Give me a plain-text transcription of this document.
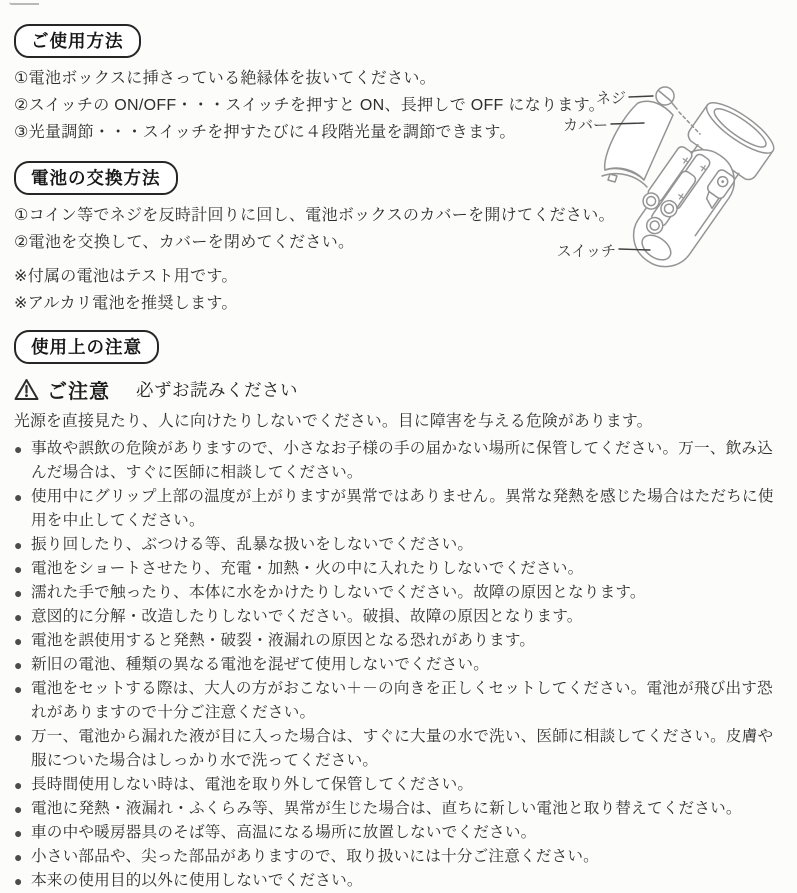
ご使用方法
①電池ボックスに挿さっている絶縁体を抜いてください。
②スイッチの ON/OFF・・・スイッチを押すと ON、長押しで OFF になります。
③光量調節・・・スイッチを押すたびに４段階光量を調節できます。
電池の交換方法
①コイン等でネジを反時計回りに回し、電池ボックスのカバーを開けてください。
②電池を交換して、カバーを閉めてください。
※付属の電池はテスト用です。
※アルカリ電池を推奨します。
使用上の注意
ご注意 必ずお読みください
光源を直接見たり、人に向けたりしないでください。目に障害を与える危険があります。
● 事故や誤飲の危険がありますので、小さなお子様の手の届かない場所に保管してください。万一、飲み込んだ場合は、すぐに医師に相談してください。
● 使用中にグリップ上部の温度が上がりますが異常ではありません。異常な発熱を感じた場合はただちに使用を中止してください。
● 振り回したり、ぶつける等、乱暴な扱いをしないでください。
● 電池をショートさせたり、充電・加熱・火の中に入れたりしないでください。
● 濡れた手で触ったり、本体に水をかけたりしないでください。故障の原因となります。
● 意図的に分解・改造したりしないでください。破損、故障の原因となります。
● 電池を誤使用すると発熱・破裂・液漏れの原因となる恐れがあります。
● 新旧の電池、種類の異なる電池を混ぜて使用しないでください。
● 電池をセットする際は、大人の方がおこない＋－の向きを正しくセットしてください。電池が飛び出す恐れがありますので十分ご注意ください。
● 万一、電池から漏れた液が目に入った場合は、すぐに大量の水で洗い、医師に相談してください。皮膚や服についた場合はしっかり水で洗ってください。
● 長時間使用しない時は、電池を取り外して保管してください。
● 電池に発熱・液漏れ・ふくらみ等、異常が生じた場合は、直ちに新しい電池と取り替えてください。
● 車の中や暖房器具のそば等、高温になる場所に放置しないでください。
● 小さい部品や、尖った部品がありますので、取り扱いには十分ご注意ください。
● 本来の使用目的以外に使用しないでください。
ネジ
カバー
スイッチ
